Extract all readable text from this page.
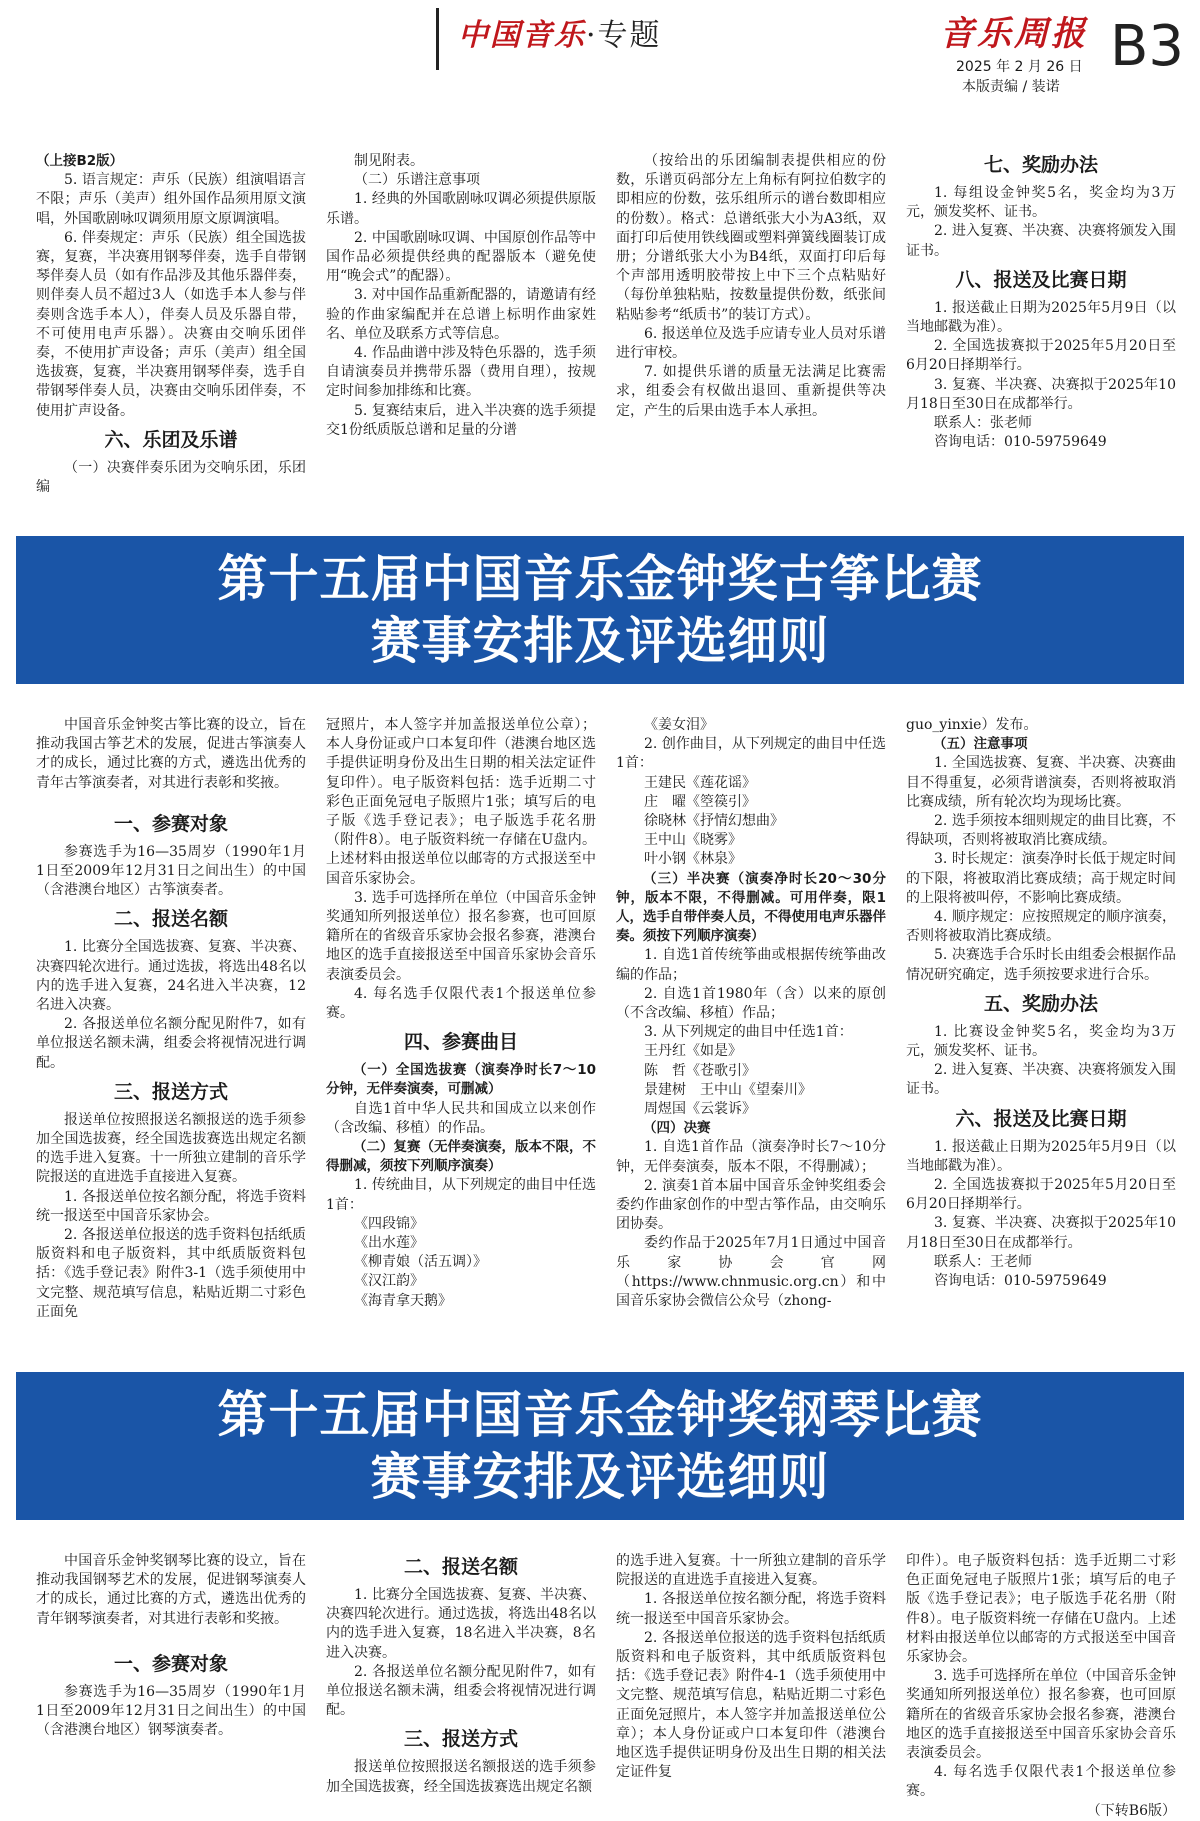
中国音乐·专题	音乐周报
2025 年 2 月 26 日
本版责编 / 装诺
B3
（上接B2版）
5. 语言规定：声乐（民族）组演唱语言不限；声乐（美声）组外国作品须用原文演唱，外国歌剧咏叹调须用原文原调演唱。
6. 伴奏规定：声乐（民族）组全国选拔赛，复赛，半决赛用钢琴伴奏，选手自带钢琴伴奏人员（如有作品涉及其他乐器伴奏，则伴奏人员不超过3人（如选手本人参与伴奏则含选手本人），伴奏人员及乐器自带，不可使用电声乐器）。决赛由交响乐团伴奏，不使用扩声设备；声乐（美声）组全国选拔赛，复赛，半决赛用钢琴伴奏，选手自带钢琴伴奏人员，决赛由交响乐团伴奏，不使用扩声设备。
六、乐团及乐谱
（一）决赛伴奏乐团为交响乐团，乐团编
制见附表。
（二）乐谱注意事项
1. 经典的外国歌剧咏叹调必须提供原版乐谱。
2. 中国歌剧咏叹调、中国原创作品等中国作品必须提供经典的配器版本（避免使用“晚会式”的配器）。
3. 对中国作品重新配器的，请邀请有经验的作曲家编配并在总谱上标明作曲家姓名、单位及联系方式等信息。
4. 作品曲谱中涉及特色乐器的，选手须自请演奏员并携带乐器（费用自理），按规定时间参加排练和比赛。
5. 复赛结束后，进入半决赛的选手须提交1份纸质版总谱和足量的分谱
（按给出的乐团编制表提供相应的份数，乐谱页码部分左上角标有阿拉伯数字的即相应的份数，弦乐组所示的谱台数即相应的份数）。格式：总谱纸张大小为A3纸，双面打印后使用铁线圈或塑料弹簧线圈装订成册；分谱纸张大小为B4纸，双面打印后每个声部用透明胶带按上中下三个点粘贴好（每份单独粘贴，按数量提供份数，纸张间粘贴参考“纸质书”的装订方式）。
6. 报送单位及选手应请专业人员对乐谱进行审校。
7. 如提供乐谱的质量无法满足比赛需求，组委会有权做出退回、重新提供等决定，产生的后果由选手本人承担。
七、奖励办法
1. 每组设金钟奖5名，奖金均为3万元，颁发奖杯、证书。
2. 进入复赛、半决赛、决赛将颁发入围证书。
八、报送及比赛日期
1. 报送截止日期为2025年5月9日（以当地邮戳为准）。
2. 全国选拔赛拟于2025年5月20日至6月20日择期举行。
3. 复赛、半决赛、决赛拟于2025年10月18日至30日在成都举行。
联系人：张老师
咨询电话：010-59759649
第十五届中国音乐金钟奖古筝比赛
赛事安排及评选细则
中国音乐金钟奖古筝比赛的设立，旨在推动我国古筝艺术的发展，促进古筝演奏人才的成长，通过比赛的方式，遴选出优秀的青年古筝演奏者，对其进行表彰和奖掖。
一、参赛对象
参赛选手为16—35周岁（1990年1月1日至2009年12月31日之间出生）的中国（含港澳台地区）古筝演奏者。
二、报送名额
1. 比赛分全国选拔赛、复赛、半决赛、决赛四轮次进行。通过选拔，将选出48名以内的选手进入复赛，24名进入半决赛，12名进入决赛。
2. 各报送单位名额分配见附件7，如有单位报送名额未满，组委会将视情况进行调配。
三、报送方式
报送单位按照报送名额报送的选手须参加全国选拔赛，经全国选拔赛选出规定名额的选手进入复赛。十一所独立建制的音乐学院报送的直进选手直接进入复赛。
1. 各报送单位按名额分配，将选手资料统一报送至中国音乐家协会。
2. 各报送单位报送的选手资料包括纸质版资料和电子版资料，其中纸质版资料包括：《选手登记表》附件3-1（选手须使用中文完整、规范填写信息，粘贴近期二寸彩色正面免
冠照片，本人签字并加盖报送单位公章）；本人身份证或户口本复印件（港澳台地区选手提供证明身份及出生日期的相关法定证件复印件）。电子版资料包括：选手近期二寸彩色正面免冠电子版照片1张；填写后的电子版《选手登记表》；电子版选手花名册（附件8）。电子版资料统一存储在U盘内。上述材料由报送单位以邮寄的方式报送至中国音乐家协会。
3. 选手可选择所在单位（中国音乐金钟奖通知所列报送单位）报名参赛，也可回原籍所在的省级音乐家协会报名参赛，港澳台地区的选手直接报送至中国音乐家协会音乐表演委员会。
4. 每名选手仅限代表1个报送单位参赛。
四、参赛曲目
（一）全国选拔赛（演奏净时长7～10分钟，无伴奏演奏，可删减）
自选1首中华人民共和国成立以来创作（含改编、移植）的作品。
（二）复赛（无伴奏演奏，版本不限，不得删减，须按下列顺序演奏）
1. 传统曲目，从下列规定的曲目中任选1首：
《四段锦》
《出水莲》
《柳青娘（活五调）》
《汉江韵》
《海青拿天鹅》
《姜女泪》
2. 创作曲目，从下列规定的曲目中任选1首：
王建民《莲花谣》
庄　曜《箜篌引》
徐晓林《抒情幻想曲》
王中山《晓雾》
叶小钢《林泉》
（三）半决赛（演奏净时长20～30分钟，版本不限，不得删减。可用伴奏，限1人，选手自带伴奏人员，不得使用电声乐器伴奏。须按下列顺序演奏）
1. 自选1首传统筝曲或根据传统筝曲改编的作品；
2. 自选1首1980年（含）以来的原创（不含改编、移植）作品；
3. 从下列规定的曲目中任选1首：
王丹红《如是》
陈　哲《苍歌引》
景建树　王中山《望秦川》
周煜国《云裳诉》
（四）决赛
1. 自选1首作品（演奏净时长7～10分钟，无伴奏演奏，版本不限，不得删减）；
2. 演奏1首本届中国音乐金钟奖组委会委约作曲家创作的中型古筝作品，由交响乐团协奏。
委约作品于2025年7月1日通过中国音乐家协会官网（https://www.chnmusic.org.cn）和中国音乐家协会微信公众号（zhong-
guo_yinxie）发布。
（五）注意事项
1. 全国选拔赛、复赛、半决赛、决赛曲目不得重复，必须背谱演奏，否则将被取消比赛成绩，所有轮次均为现场比赛。
2. 选手须按本细则规定的曲目比赛，不得缺项，否则将被取消比赛成绩。
3. 时长规定：演奏净时长低于规定时间的下限，将被取消比赛成绩；高于规定时间的上限将被叫停，不影响比赛成绩。
4. 顺序规定：应按照规定的顺序演奏，否则将被取消比赛成绩。
5. 决赛选手合乐时长由组委会根据作品情况研究确定，选手须按要求进行合乐。
五、奖励办法
1. 比赛设金钟奖5名，奖金均为3万元，颁发奖杯、证书。
2. 进入复赛、半决赛、决赛将颁发入围证书。
六、报送及比赛日期
1. 报送截止日期为2025年5月9日（以当地邮戳为准）。
2. 全国选拔赛拟于2025年5月20日至6月20日择期举行。
3. 复赛、半决赛、决赛拟于2025年10月18日至30日在成都举行。
联系人：王老师
咨询电话：010-59759649
第十五届中国音乐金钟奖钢琴比赛
赛事安排及评选细则
中国音乐金钟奖钢琴比赛的设立，旨在推动我国钢琴艺术的发展，促进钢琴演奏人才的成长，通过比赛的方式，遴选出优秀的青年钢琴演奏者，对其进行表彰和奖掖。
一、参赛对象
参赛选手为16—35周岁（1990年1月1日至2009年12月31日之间出生）的中国（含港澳台地区）钢琴演奏者。
二、报送名额
1. 比赛分全国选拔赛、复赛、半决赛、决赛四轮次进行。通过选拔，将选出48名以内的选手进入复赛，18名进入半决赛，8名进入决赛。
2. 各报送单位名额分配见附件7，如有单位报送名额未满，组委会将视情况进行调配。
三、报送方式
报送单位按照报送名额报送的选手须参加全国选拔赛，经全国选拔赛选出规定名额
的选手进入复赛。十一所独立建制的音乐学院报送的直进选手直接进入复赛。
1. 各报送单位按名额分配，将选手资料统一报送至中国音乐家协会。
2. 各报送单位报送的选手资料包括纸质版资料和电子版资料，其中纸质版资料包括：《选手登记表》附件4-1（选手须使用中文完整、规范填写信息，粘贴近期二寸彩色正面免冠照片，本人签字并加盖报送单位公章）；本人身份证或户口本复印件（港澳台地区选手提供证明身份及出生日期的相关法定证件复
印件）。电子版资料包括：选手近期二寸彩色正面免冠电子版照片1张；填写后的电子版《选手登记表》；电子版选手花名册（附件8）。电子版资料统一存储在U盘内。上述材料由报送单位以邮寄的方式报送至中国音乐家协会。
3. 选手可选择所在单位（中国音乐金钟奖通知所列报送单位）报名参赛，也可回原籍所在的省级音乐家协会报名参赛，港澳台地区的选手直接报送至中国音乐家协会音乐表演委员会。
4. 每名选手仅限代表1个报送单位参赛。
（下转B6版）
